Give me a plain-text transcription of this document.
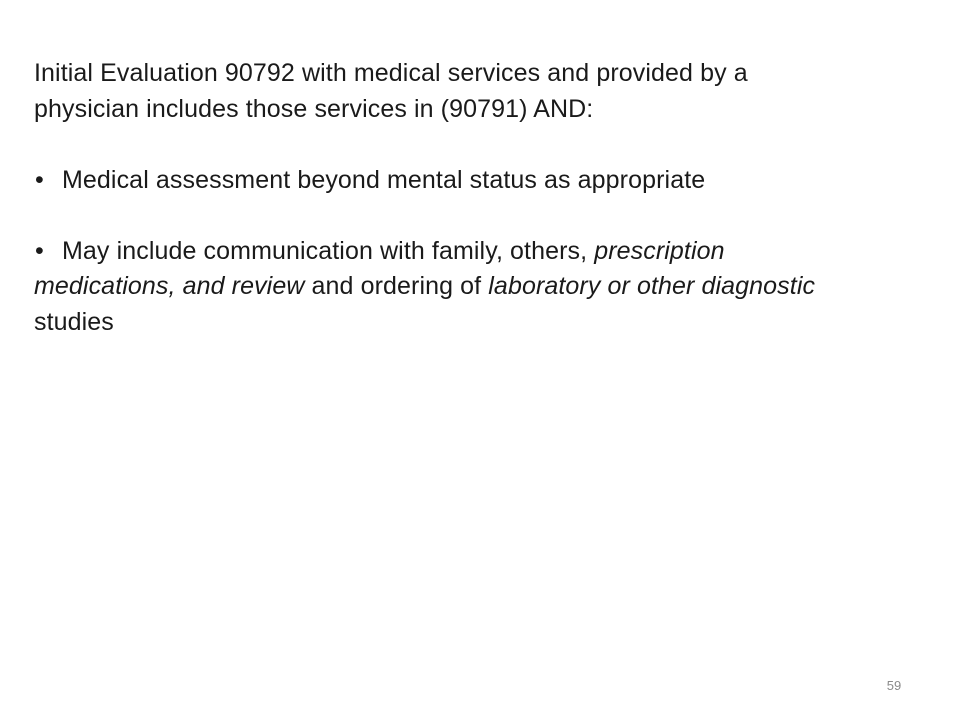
Initial Evaluation 90792 with medical services and provided by a physician includes those services in (90791) AND:

• Medical assessment beyond mental status as appropriate

• May include communication with family, others, prescription medications, and review and ordering of laboratory or other diagnostic studies

59
